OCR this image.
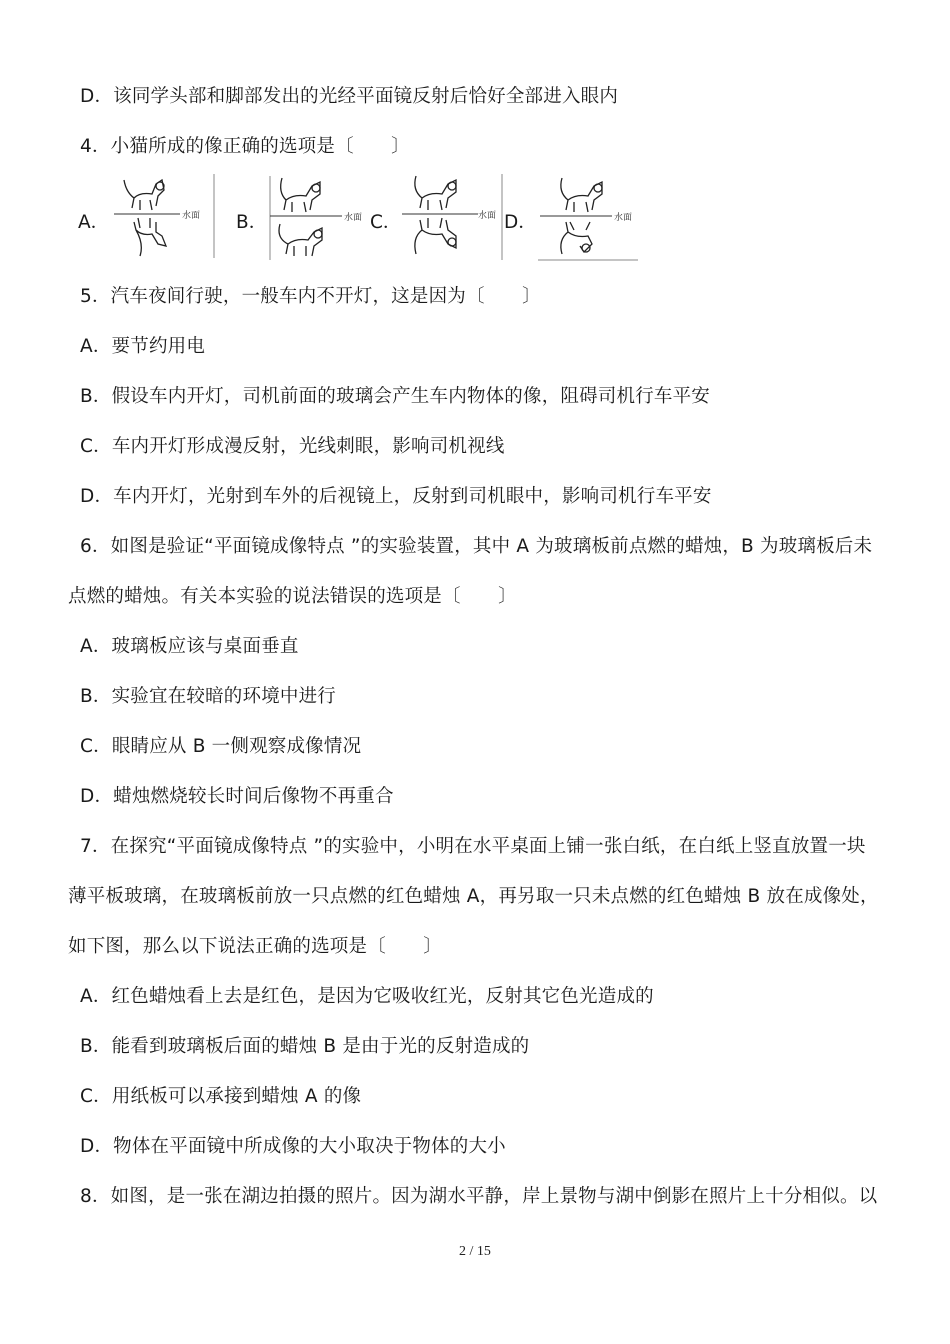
D．该同学头部和脚部发出的光经平面镜反射后恰好全部进入眼内
4．小猫所成的像正确的选项是〔　　〕
A．	水面 B．	水面 C．	水面 D．	水面
5．汽车夜间行驶，一般车内不开灯，这是因为〔　　〕
A．要节约用电
B．假设车内开灯，司机前面的玻璃会产生车内物体的像，阻碍司机行车平安
C．车内开灯形成漫反射，光线刺眼，影响司机视线
D．车内开灯，光射到车外的后视镜上，反射到司机眼中，影响司机行车平安
6．如图是验证“平面镜成像特点 ”的实验装置，其中 A 为玻璃板前点燃的蜡烛，B 为玻璃板后未
点燃的蜡烛。有关本实验的说法错误的选项是〔　　〕
A．玻璃板应该与桌面垂直
B．实验宜在较暗的环境中进行
C．眼睛应从 B 一侧观察成像情况
D．蜡烛燃烧较长时间后像物不再重合
7．在探究“平面镜成像特点 ”的实验中，小明在水平桌面上铺一张白纸，在白纸上竖直放置一块
薄平板玻璃，在玻璃板前放一只点燃的红色蜡烛 A，再另取一只未点燃的红色蜡烛 B 放在成像处，
如下图，那么以下说法正确的选项是〔　　〕
A．红色蜡烛看上去是红色，是因为它吸收红光，反射其它色光造成的
B．能看到玻璃板后面的蜡烛 B 是由于光的反射造成的
C．用纸板可以承接到蜡烛 A 的像
D．物体在平面镜中所成像的大小取决于物体的大小
8．如图，是一张在湖边拍摄的照片。因为湖水平静，岸上景物与湖中倒影在照片上十分相似。以
2 / 15
